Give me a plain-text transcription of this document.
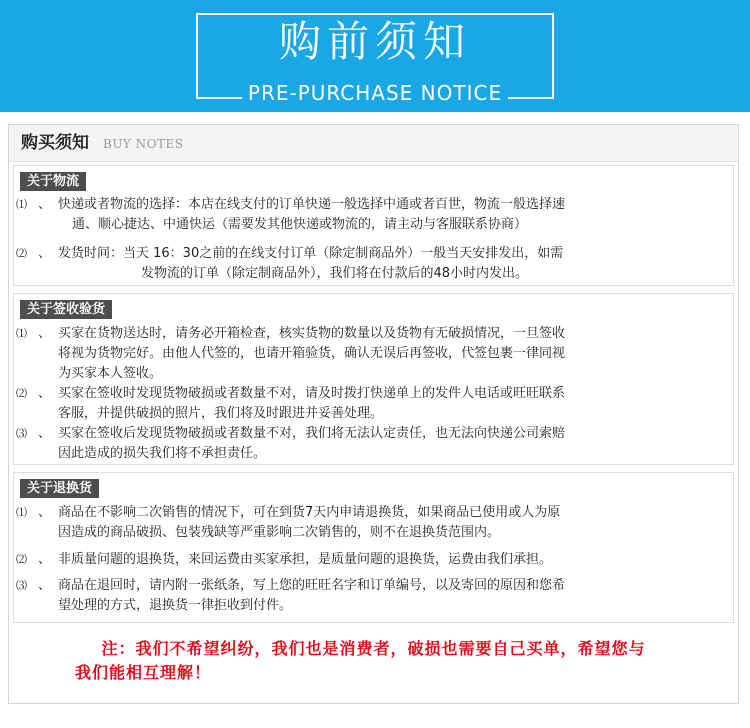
购前须知
PRE-PURCHASE NOTICE
购买须知 BUY NOTES
关于物流
⑴ 、 快递或者物流的选择：本店在线支付的订单快递一般选择中通或者百世，物流一般选择速
通、顺心捷达、中通快运（需要发其他快递或物流的，请主动与客服联系协商）
⑵ 、 发货时间：当天 16：30之前的在线支付订单（除定制商品外）一般当天安排发出，如需
发物流的订单（除定制商品外），我们将在付款后的48小时内发出。
关于签收验货
⑴ 、 买家在货物送达时，请务必开箱检查，核实货物的数量以及货物有无破损情况，一旦签收
将视为货物完好。由他人代签的，也请开箱验货，确认无误后再签收，代签包裹一律同视
为买家本人签收。
⑵ 、 买家在签收时发现货物破损或者数量不对，请及时拨打快递单上的发件人电话或旺旺联系
客服，并提供破损的照片，我们将及时跟进并妥善处理。
⑶ 、 买家在签收后发现货物破损或者数量不对，我们将无法认定责任，也无法向快递公司索赔
因此造成的损失我们将不承担责任。
关于退换货
⑴ 、 商品在不影响二次销售的情况下，可在到货7天内申请退换货，如果商品已使用或人为原
因造成的商品破损、包装残缺等严重影响二次销售的，则不在退换货范围内。
⑵ 、 非质量问题的退换货，来回运费由买家承担，是质量问题的退换货，运费由我们承担。
⑶ 、 商品在退回时，请内附一张纸条，写上您的旺旺名字和订单编号，以及寄回的原因和您希
望处理的方式，退换货一律拒收到付件。
注：我们不希望纠纷，我们也是消费者，破损也需要自己买单，希望您与
我们能相互理解！
